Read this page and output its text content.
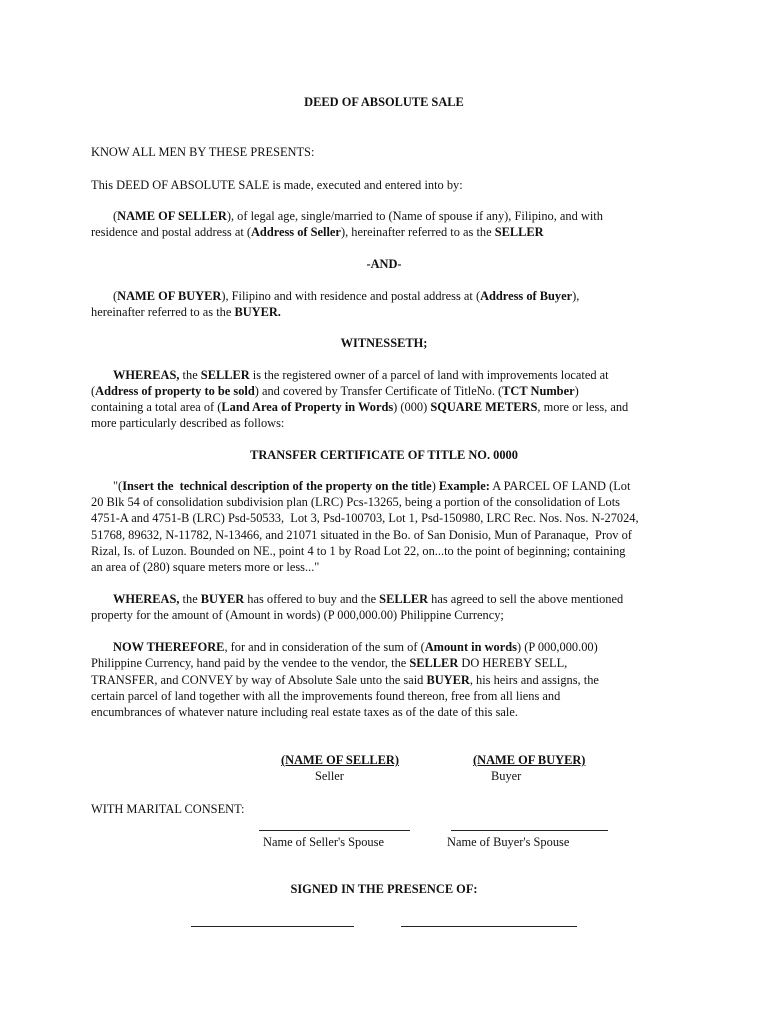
DEED OF ABSOLUTE SALE
KNOW ALL MEN BY THESE PRESENTS:
This DEED OF ABSOLUTE SALE is made, executed and entered into by:
(NAME OF SELLER), of legal age, single/married to (Name of spouse if any), Filipino, and with
residence and postal address at (Address of Seller), hereinafter referred to as the SELLER
-AND-
(NAME OF BUYER), Filipino and with residence and postal address at (Address of Buyer),
hereinafter referred to as the BUYER.
WITNESSETH;
WHEREAS, the SELLER is the registered owner of a parcel of land with improvements located at
(Address of property to be sold) and covered by Transfer Certificate of TitleNo. (TCT Number)
containing a total area of (Land Area of Property in Words) (000) SQUARE METERS, more or less, and
more particularly described as follows:
TRANSFER CERTIFICATE OF TITLE NO. 0000
"(Insert the  technical description of the property on the title) Example: A PARCEL OF LAND (Lot
20 Blk 54 of consolidation subdivision plan (LRC) Pcs-13265, being a portion of the consolidation of Lots
4751-A and 4751-B (LRC) Psd-50533,  Lot 3, Psd-100703, Lot 1, Psd-150980, LRC Rec. Nos. Nos. N-27024,
51768, 89632, N-11782, N-13466, and 21071 situated in the Bo. of San Donisio, Mun of Paranaque,  Prov of
Rizal, Is. of Luzon. Bounded on NE., point 4 to 1 by Road Lot 22, on...to the point of beginning; containing
an area of (280) square meters more or less..."
WHEREAS, the BUYER has offered to buy and the SELLER has agreed to sell the above mentioned
property for the amount of (Amount in words) (P 000,000.00) Philippine Currency;
NOW THEREFORE, for and in consideration of the sum of (Amount in words) (P 000,000.00)
Philippine Currency, hand paid by the vendee to the vendor, the SELLER DO HEREBY SELL,
TRANSFER, and CONVEY by way of Absolute Sale unto the said BUYER, his heirs and assigns, the
certain parcel of land together with all the improvements found thereon, free from all liens and
encumbrances of whatever nature including real estate taxes as of the date of this sale.
(NAME OF SELLER)
Seller
(NAME OF BUYER)
Buyer
WITH MARITAL CONSENT:
Name of Seller's Spouse	Name of Buyer's Spouse
SIGNED IN THE PRESENCE OF:
